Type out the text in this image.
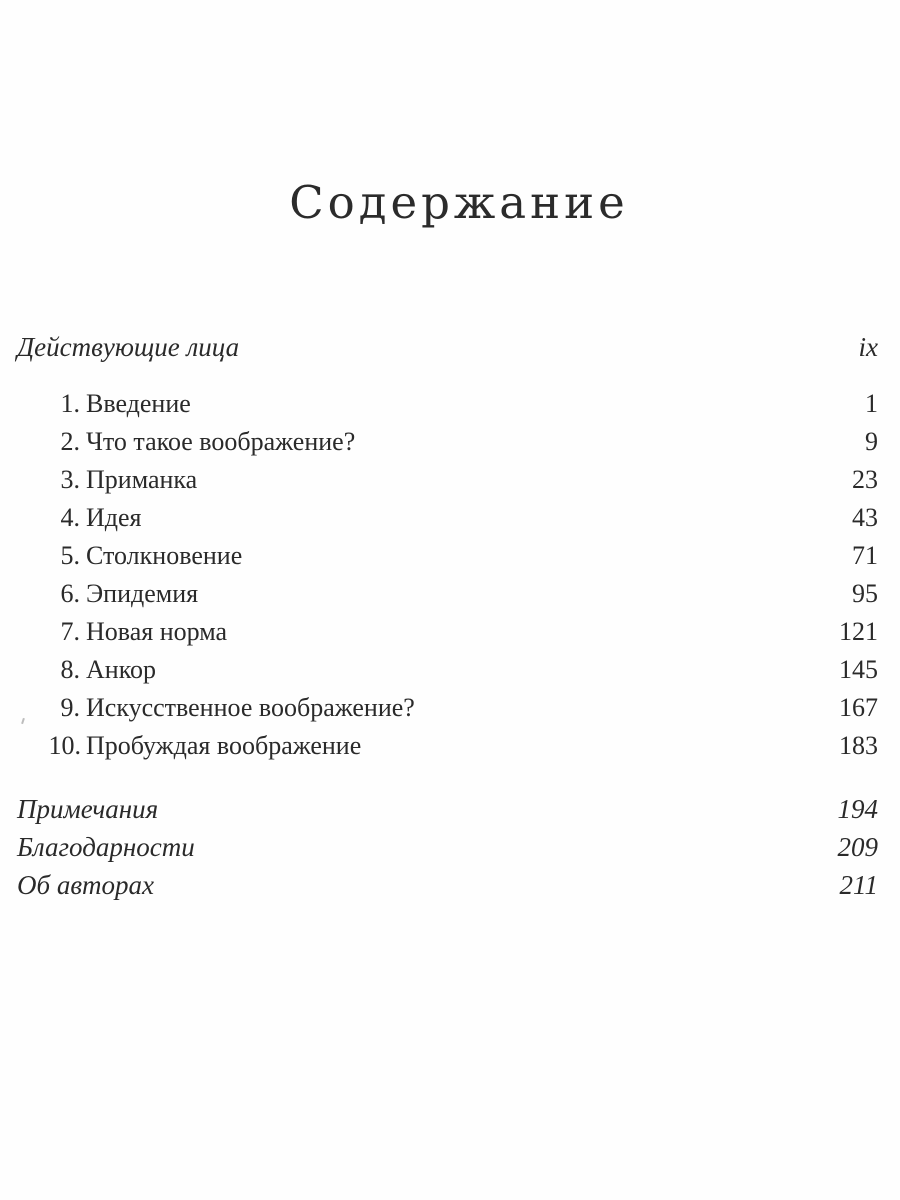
Содержание
Действующие лица	ix
1. Введение	1
2. Что такое воображение?	9
3. Приманка	23
4. Идея	43
5. Столкновение	71
6. Эпидемия	95
7. Новая норма	121
8. Анкор	145
9. Искусственное воображение?	167
10. Пробуждая воображение	183
Примечания	194
Благодарности	209
Об авторах	211
